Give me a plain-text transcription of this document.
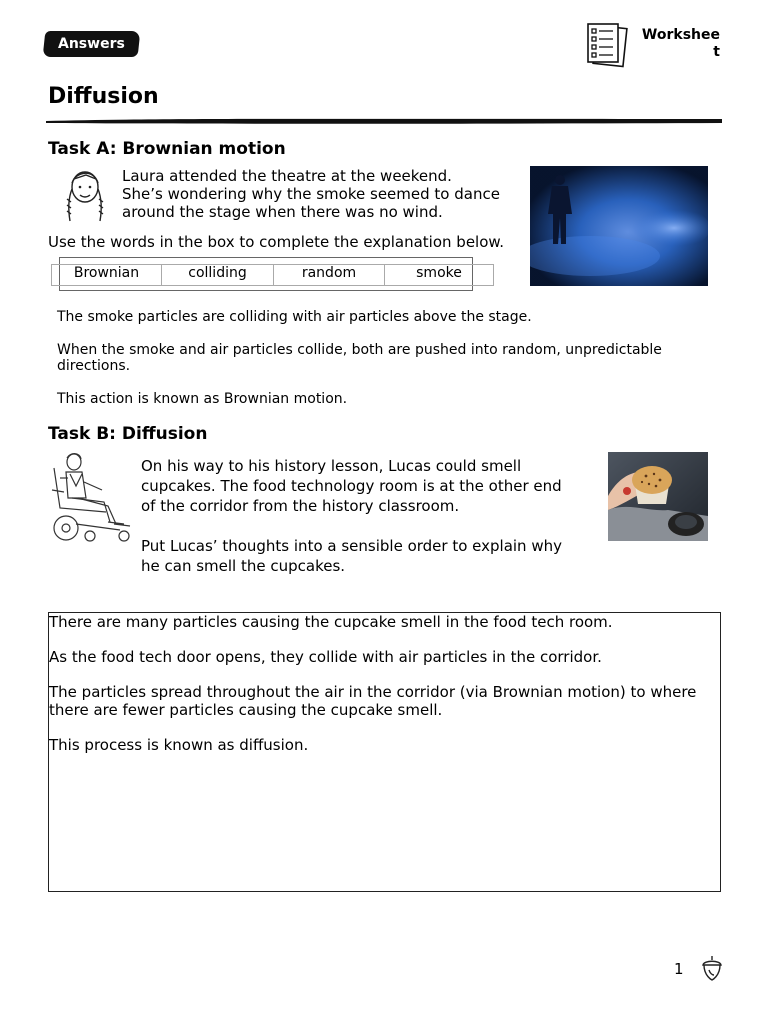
Answers
Workshee
t
Diffusion
Task A: Brownian motion
Laura attended the theatre at the weekend.
She’s wondering why the smoke seemed to dance
around the stage when there was no wind.
Use the words in the box to complete the explanation below.
Brownian	colliding	random	smoke

The smoke particles are colliding with air particles above the stage.

When the smoke and air particles collide, both are pushed into random, unpredictable directions.

This action is known as Brownian motion.

Task B: Diffusion

On his way to his history lesson, Lucas could smell
cupcakes. The food technology room is at the other end
of the corridor from the history classroom.

Put Lucas’ thoughts into a sensible order to explain why
he can smell the cupcakes.

There are many particles causing the cupcake smell in the food tech room.

As the food tech door opens, they collide with air particles in the corridor.

The particles spread throughout the air in the corridor (via Brownian motion) to where there are fewer particles causing the cupcake smell.

This process is known as diffusion.

1
